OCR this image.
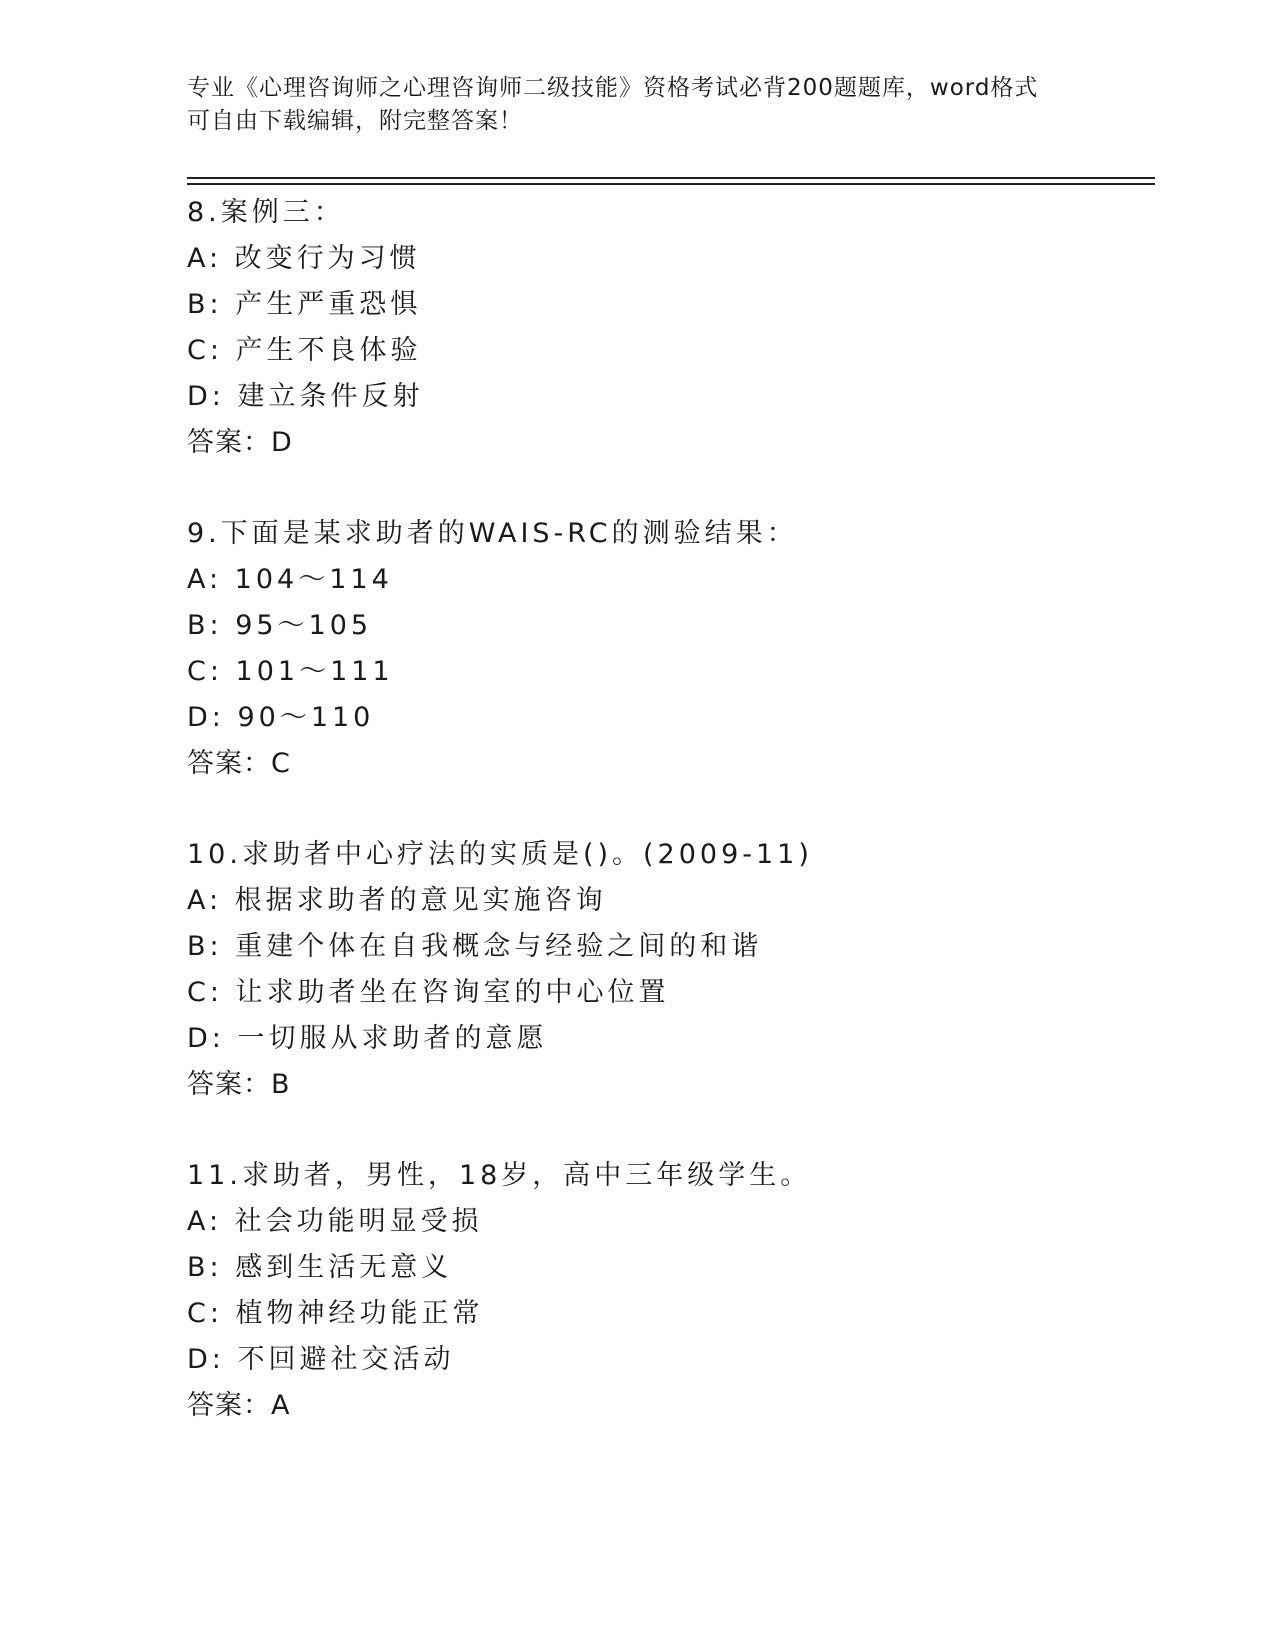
专业《心理咨询师之心理咨询师二级技能》资格考试必背200题题库，word格式
可自由下载编辑，附完整答案！
8.案例三：
A: 改变行为习惯
B: 产生严重恐惧
C: 产生不良体验
D: 建立条件反射
答案：D
9.下面是某求助者的WAIS-RC的测验结果：
A: 104～114
B: 95～105
C: 101～111
D: 90～110
答案：C
10.求助者中心疗法的实质是()。(2009-11)
A: 根据求助者的意见实施咨询
B: 重建个体在自我概念与经验之间的和谐
C: 让求助者坐在咨询室的中心位置
D: 一切服从求助者的意愿
答案：B
11.求助者，男性，18岁，高中三年级学生。
A: 社会功能明显受损
B: 感到生活无意义
C: 植物神经功能正常
D: 不回避社交活动
答案：A
